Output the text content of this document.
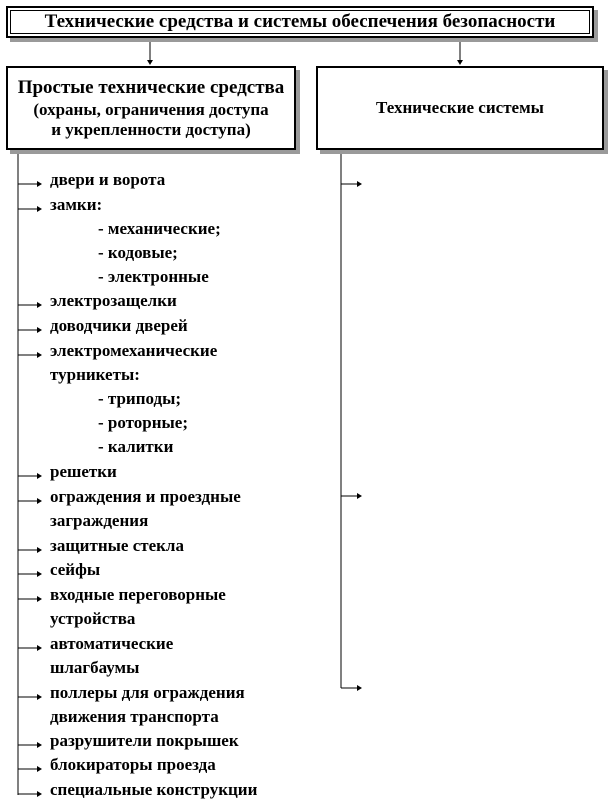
Технические средства и системы обеспечения безопасности
Простые технические средства
(охраны, ограничения доступа
и укрепленности доступа)
Технические системы
двери и ворота
замки:
- механические;
- кодовые;
- электронные
электрозащелки
доводчики дверей
электромеханические
турникеты:
- триподы;
- роторные;
- калитки
решетки
ограждения и проездные
заграждения
защитные стекла
сейфы
входные переговорные
устройства
автоматические
шлагбаумы
поллеры для ограждения
движения транспорта
разрушители покрышек
блокираторы проезда
специальные конструкции
